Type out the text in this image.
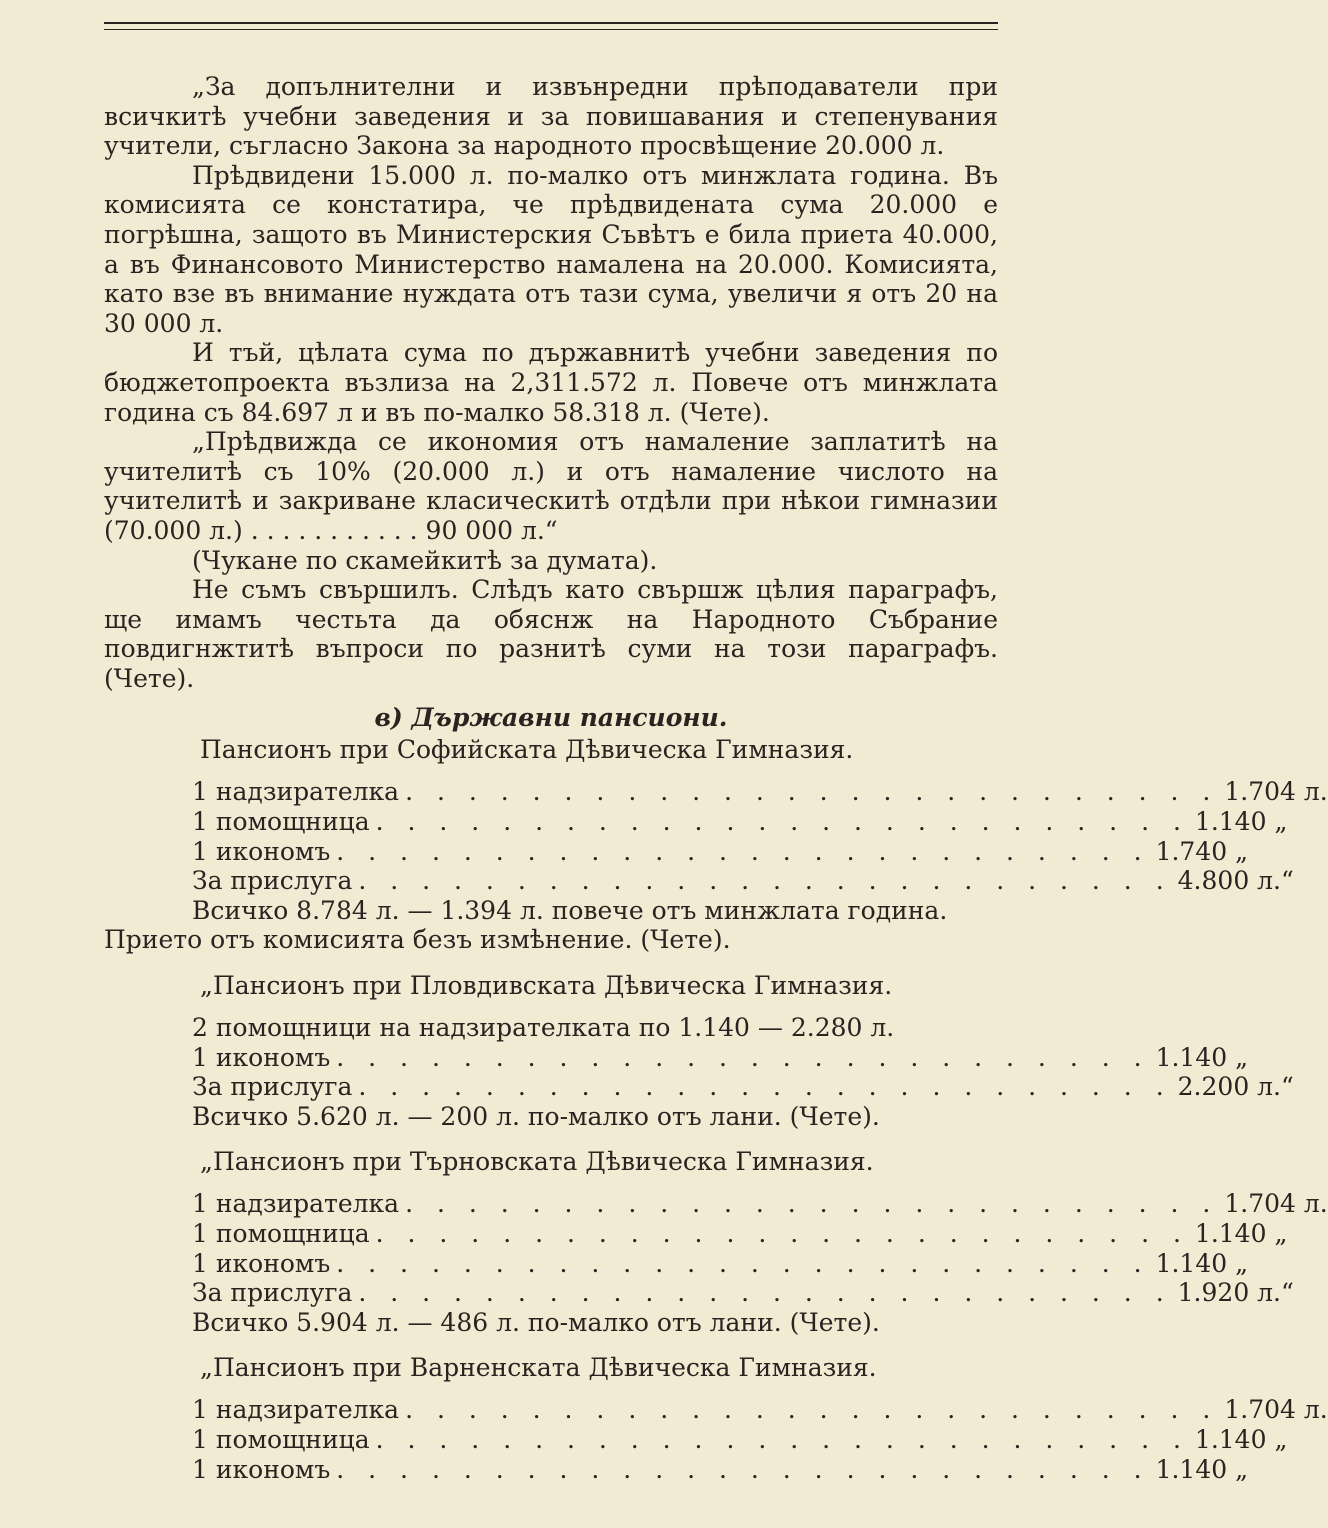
„За допълнителни и извънредни прѣподаватели при всичкитѣ учебни заведения и за повишавания и степенувания учители, съгласно Закона за народното просвѣщение 20.000 л.

Прѣдвидени 15.000 л. по-малко отъ минжлата година. Въ комисията се констатира, че прѣдвидената сума 20.000 е погрѣшна, защото въ Министерския Съвѣтъ е била приета 40.000, а въ Финансовото Министерство намалена на 20.000. Комисията, като взе въ внимание нуждата отъ тази сума, увеличи я отъ 20 на 30 000 л.

И тъй, цѣлата сума по държавнитѣ учебни заведения по бюджетопроекта възлиза на 2,311.572 л. Повече отъ минжлата година съ 84.697 л и въ по-малко 58.318 л. (Чете).

„Прѣдвижда се икономия отъ намаление заплатитѣ на учителитѣ съ 10% (20.000 л.) и отъ намаление числото на учителитѣ и закриване класическитѣ отдѣли при нѣкои гимназии (70.000 л.) . . . . . . . . . . . 90 000 л.“

(Чукане по скамейкитѣ за думата).

Не съмъ свършилъ. Слѣдъ като свършж цѣлия параграфъ, ще имамъ честьта да обяснж на Народното Събрание повдигнжтитѣ въпроси по разнитѣ суми на този параграфъ. (Чете).

в) Държавни пансиони.
Пансионъ при Софийската Дѣвическа Гимназия.
1 надзирателка . . . . . . . . . . . . . . . . . . . . . . . . . . 1.704 л.
1 помощница . . . . . . . . . . . . . . . . . . . . . . . . . . 1.140 „
1 икономъ . . . . . . . . . . . . . . . . . . . . . . . . . . 1.740 „
За прислуга . . . . . . . . . . . . . . . . . . . . . . . . . . 4.800 л.“
Всичко 8.784 л. — 1.394 л. повече отъ минжлата година.
Прието отъ комисията безъ измѣнение. (Чете).
„Пансионъ при Пловдивската Дѣвическа Гимназия.
2 помощници на надзирателката по 1.140 — 2.280 л.
1 икономъ . . . . . . . . . . . . . . . . . . . . . . . . . . 1.140 „
За прислуга . . . . . . . . . . . . . . . . . . . . . . . . . . 2.200 л.“
Всичко 5.620 л. — 200 л. по-малко отъ лани. (Чете).
„Пансионъ при Търновската Дѣвическа Гимназия.
1 надзирателка . . . . . . . . . . . . . . . . . . . . . . . . . . 1.704 л.
1 помощница . . . . . . . . . . . . . . . . . . . . . . . . . . 1.140 „
1 икономъ . . . . . . . . . . . . . . . . . . . . . . . . . . 1.140 „
За прислуга . . . . . . . . . . . . . . . . . . . . . . . . . . 1.920 л.“
Всичко 5.904 л. — 486 л. по-малко отъ лани. (Чете).
„Пансионъ при Варненската Дѣвическа Гимназия.
1 надзирателка . . . . . . . . . . . . . . . . . . . . . . . . . . 1.704 л.
1 помощница . . . . . . . . . . . . . . . . . . . . . . . . . . 1.140 „
1 икономъ . . . . . . . . . . . . . . . . . . . . . . . . . . 1.140 „
